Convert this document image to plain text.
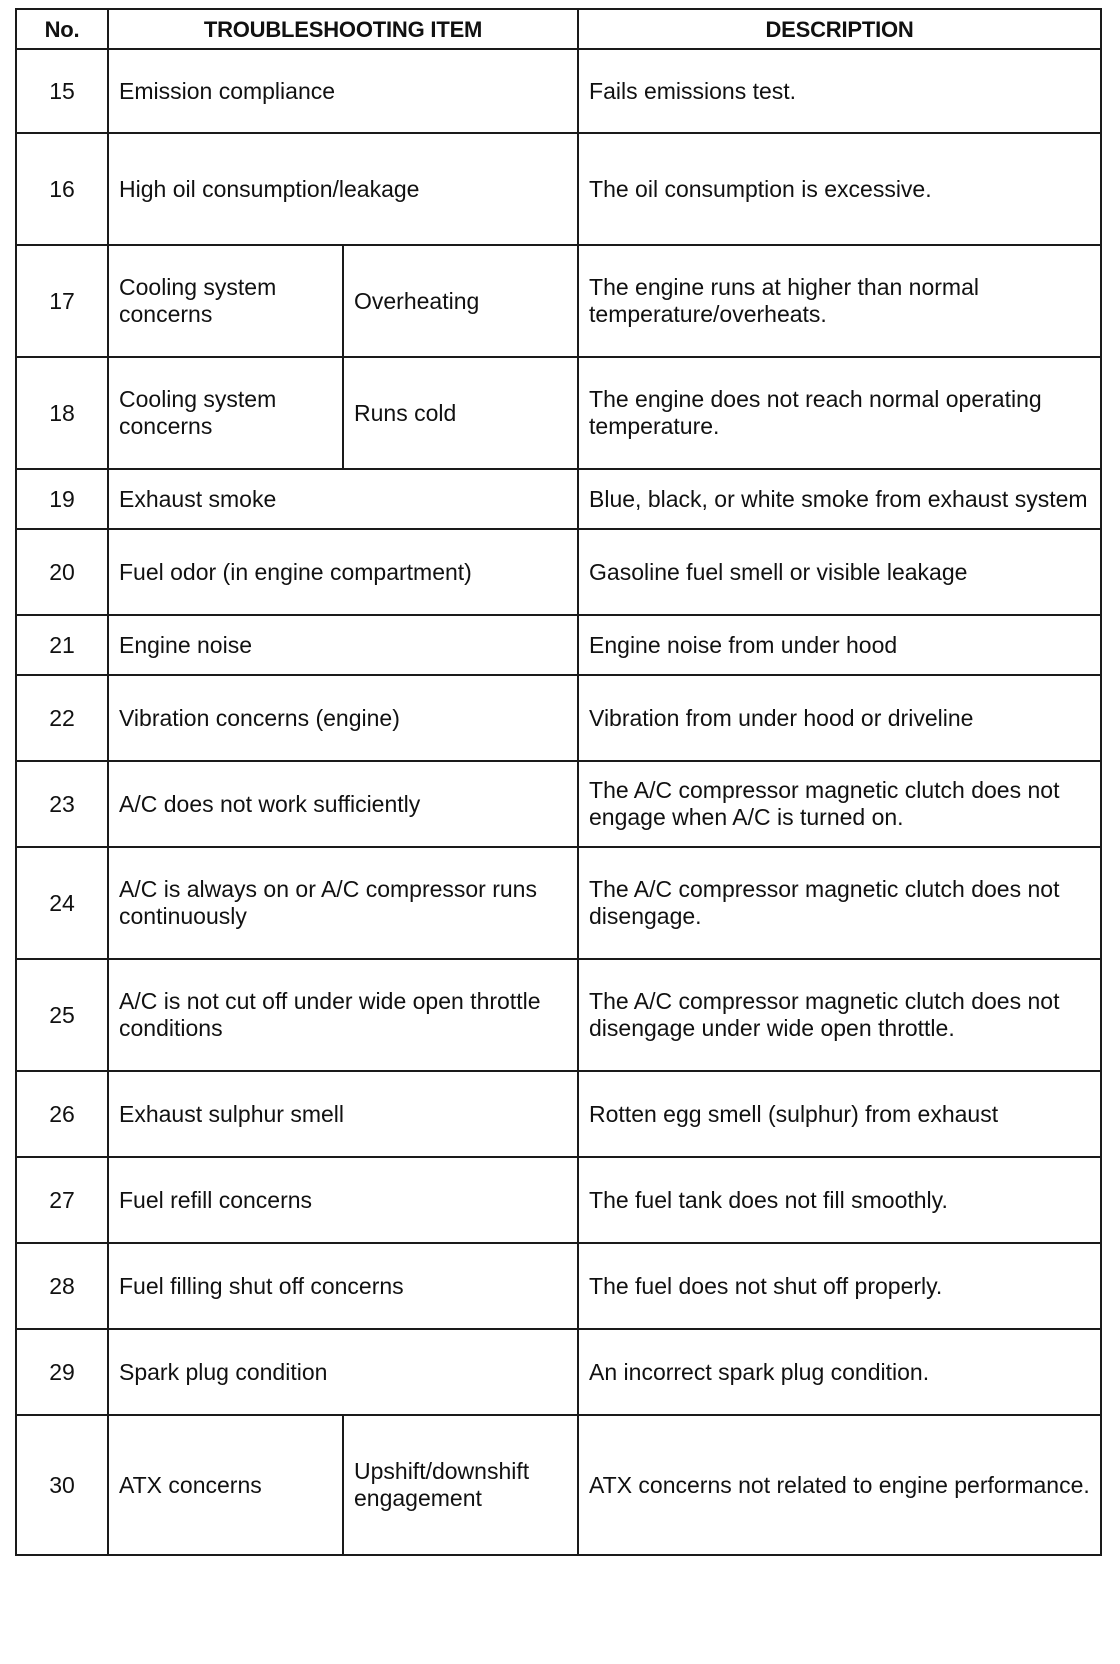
No.	TROUBLESHOOTING ITEM		DESCRIPTION
15	Emission compliance		Fails emissions test.
16	High oil consumption/leakage		The oil consumption is excessive.
17	Cooling system concerns	Overheating	The engine runs at higher than normal temperature/overheats.
18	Cooling system concerns	Runs cold	The engine does not reach normal operating temperature.
19	Exhaust smoke		Blue, black, or white smoke from exhaust system
20	Fuel odor (in engine compartment)		Gasoline fuel smell or visible leakage
21	Engine noise		Engine noise from under hood
22	Vibration concerns (engine)		Vibration from under hood or driveline
23	A/C does not work sufficiently		The A/C compressor magnetic clutch does not engage when A/C is turned on.
24	A/C is always on or A/C compressor runs continuously		The A/C compressor magnetic clutch does not disengage.
25	A/C is not cut off under wide open throttle conditions		The A/C compressor magnetic clutch does not disengage under wide open throttle.
26	Exhaust sulphur smell		Rotten egg smell (sulphur) from exhaust
27	Fuel refill concerns		The fuel tank does not fill smoothly.
28	Fuel filling shut off concerns		The fuel does not shut off properly.
29	Spark plug condition		An incorrect spark plug condition.
30	ATX concerns	Upshift/downshift engagement	ATX concerns not related to engine performance.
